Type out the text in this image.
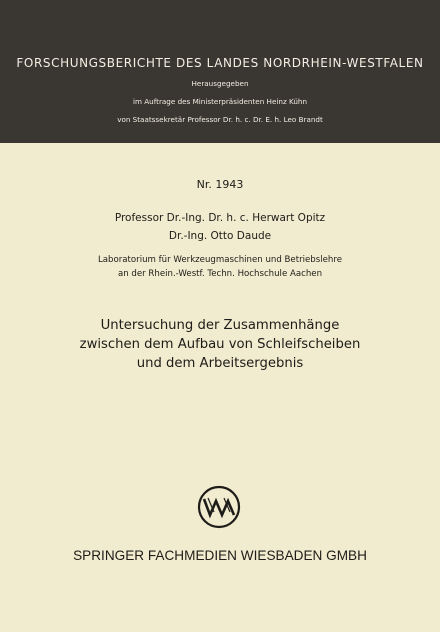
FORSCHUNGSBERICHTE DES LANDES NORDRHEIN-WESTFALEN
Herausgegeben
im Auftrage des Ministerpräsidenten Heinz Kühn
von Staatssekretär Professor Dr. h. c. Dr. E. h. Leo Brandt
Nr. 1943
Professor Dr.-Ing. Dr. h. c. Herwart Opitz
Dr.-Ing. Otto Daude
Laboratorium für Werkzeugmaschinen und Betriebslehre
an der Rhein.-Westf. Techn. Hochschule Aachen
Untersuchung der Zusammenhänge
zwischen dem Aufbau von Schleifscheiben
und dem Arbeitsergebnis
SPRINGER FACHMEDIEN WIESBADEN GMBH
